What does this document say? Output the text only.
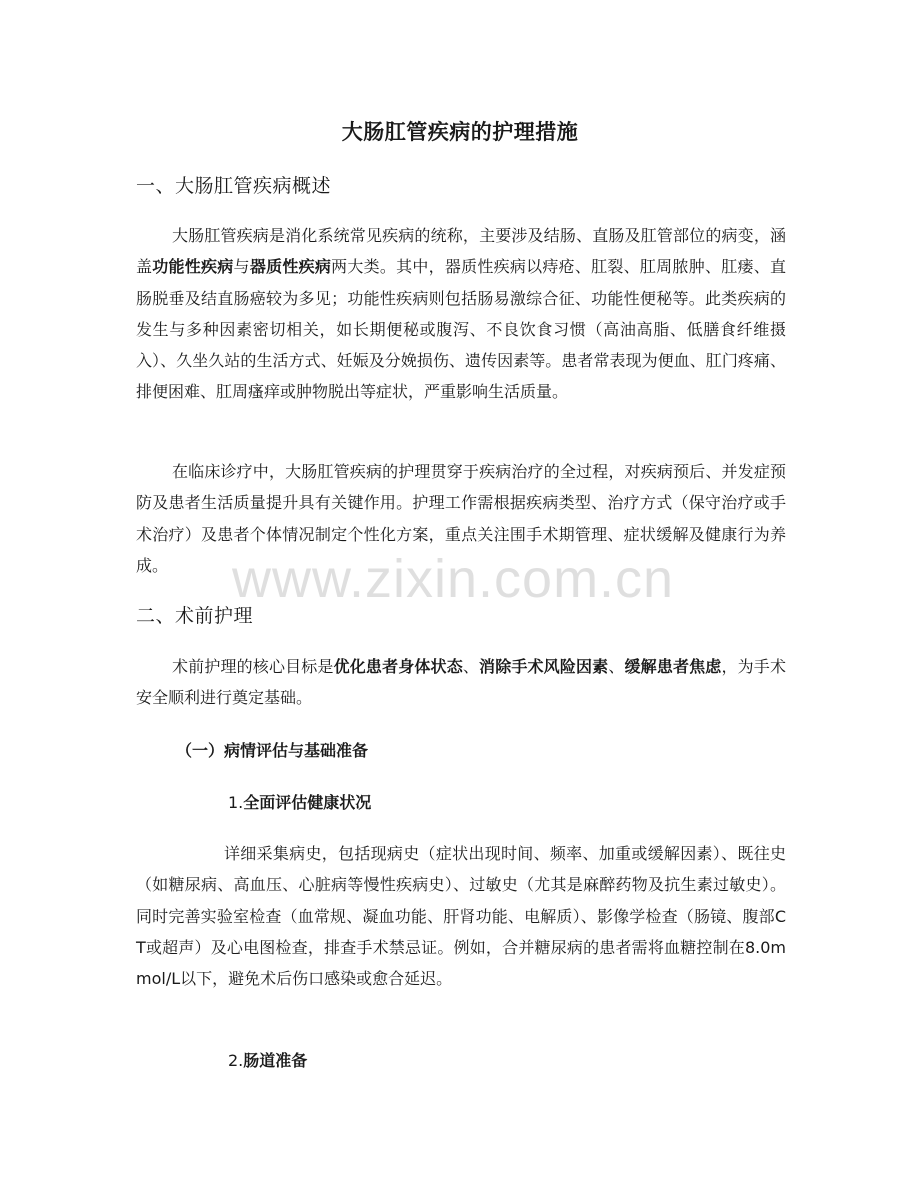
大肠肛管疾病的护理措施
一、大肠肛管疾病概述
大肠肛管疾病是消化系统常见疾病的统称，主要涉及结肠、直肠及肛管部位的病变，涵盖功能性疾病与器质性疾病两大类。其中，器质性疾病以痔疮、肛裂、肛周脓肿、肛瘘、直肠脱垂及结直肠癌较为多见；功能性疾病则包括肠易激综合征、功能性便秘等。此类疾病的发生与多种因素密切相关，如长期便秘或腹泻、不良饮食习惯（高油高脂、低膳食纤维摄入）、久坐久站的生活方式、妊娠及分娩损伤、遗传因素等。患者常表现为便血、肛门疼痛、排便困难、肛周瘙痒或肿物脱出等症状，严重影响生活质量。
在临床诊疗中，大肠肛管疾病的护理贯穿于疾病治疗的全过程，对疾病预后、并发症预防及患者生活质量提升具有关键作用。护理工作需根据疾病类型、治疗方式（保守治疗或手术治疗）及患者个体情况制定个性化方案，重点关注围手术期管理、症状缓解及健康行为养成。
二、术前护理
术前护理的核心目标是优化患者身体状态、消除手术风险因素、缓解患者焦虑，为手术安全顺利进行奠定基础。
（一）病情评估与基础准备
1.全面评估健康状况
详细采集病史，包括现病史（症状出现时间、频率、加重或缓解因素）、既往史（如糖尿病、高血压、心脏病等慢性疾病史）、过敏史（尤其是麻醉药物及抗生素过敏史）。同时完善实验室检查（血常规、凝血功能、肝肾功能、电解质）、影像学检查（肠镜、腹部CT或超声）及心电图检查，排查手术禁忌证。例如，合并糖尿病的患者需将血糖控制在8.0mmol/L以下，避免术后伤口感染或愈合延迟。
2.肠道准备
www.zixin.com.cn
